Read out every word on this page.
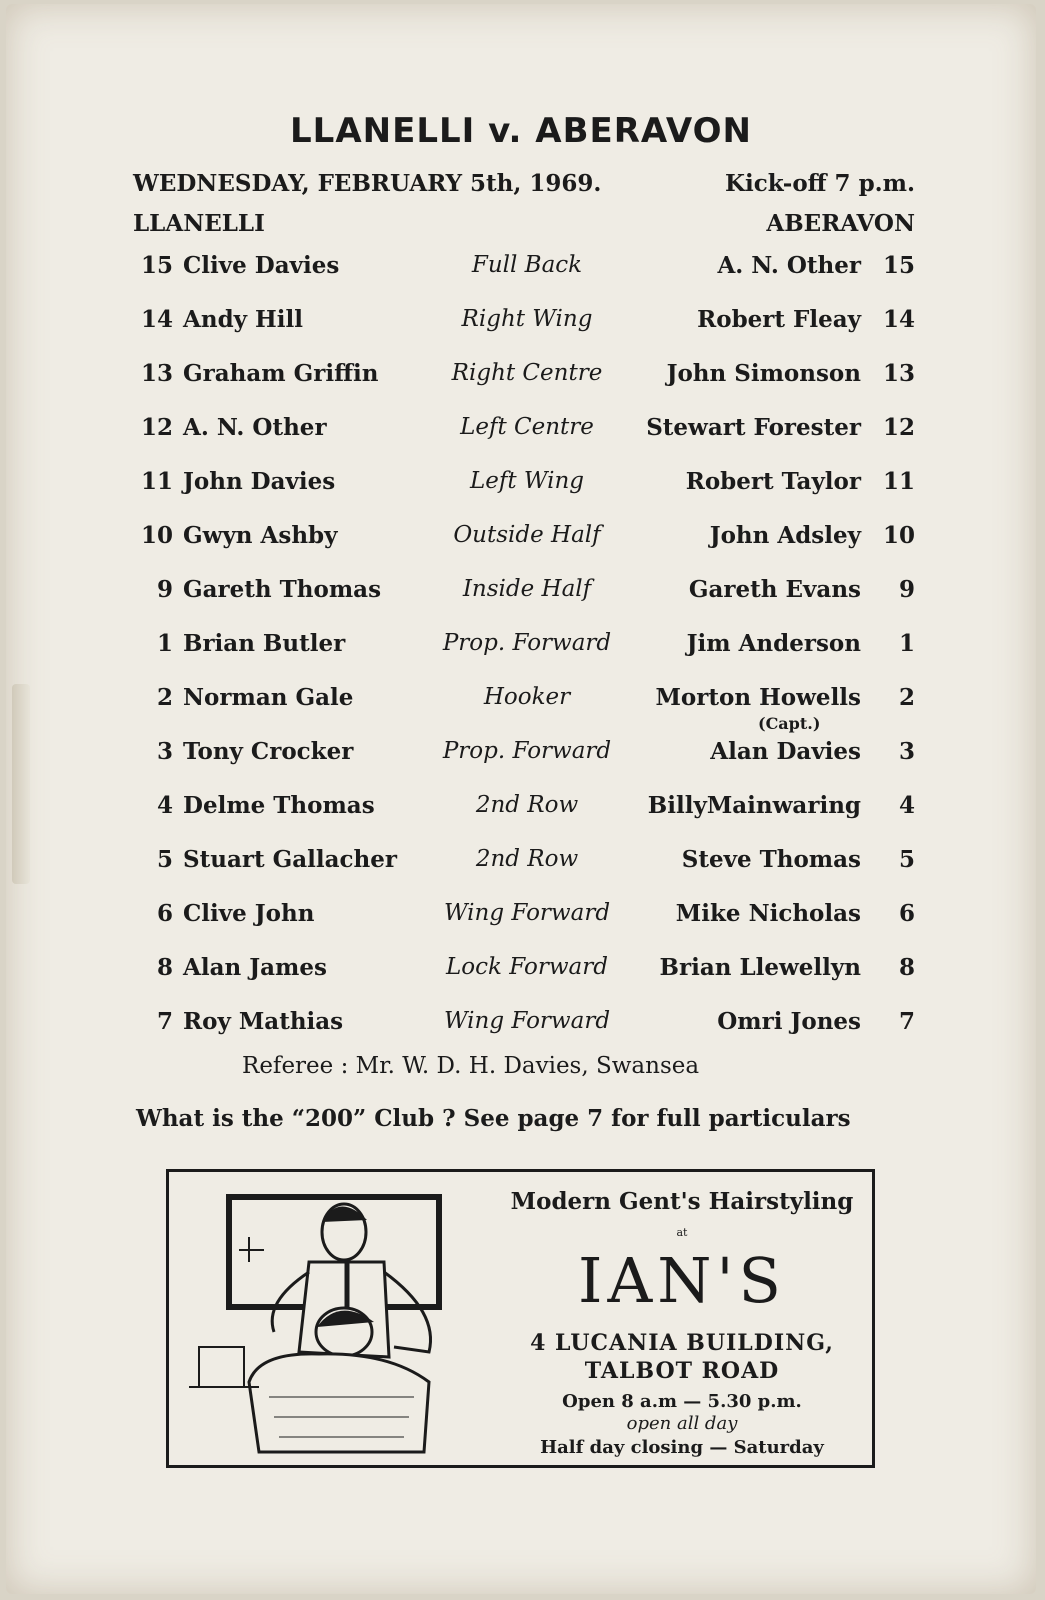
LLANELLI v. ABERAVON
WEDNESDAY, FEBRUARY 5th, 1969.	Kick-off 7 p.m.
LLANELLI	ABERAVON
15 Clive Davies	Full Back	A. N. Other 15
14 Andy Hill	Right Wing	Robert Fleay 14
13 Graham Griffin	Right Centre	John Simonson 13
12 A. N. Other	Left Centre	Stewart Forester 12
11 John Davies	Left Wing	Robert Taylor 11
10 Gwyn Ashby	Outside Half	John Adsley 10
9 Gareth Thomas	Inside Half	Gareth Evans	9
1 Brian Butler	Prop. Forward	Jim Anderson	1
2 Norman Gale	Hooker	Morton Howells	2
3 Tony Crocker	Prop. Forward	Alan Davies	3
4 Delme Thomas	2nd Row	BillyMainwaring	4
5 Stuart Gallacher	2nd Row	Steve Thomas	5
6 Clive John	Wing Forward	Mike Nicholas	6
8 Alan James	Lock Forward	Brian Llewellyn	8
7 Roy Mathias	Wing Forward	Omri Jones	7
(Capt.)
Referee : Mr. W. D. H. Davies, Swansea
What is the “200” Club ? See page 7 for full particulars
Modern Gent's Hairstyling
at
IAN'S
4 LUCANIA BUILDING,
TALBOT ROAD
Open 8 a.m — 5.30 p.m.
open all day
Half day closing — Saturday
